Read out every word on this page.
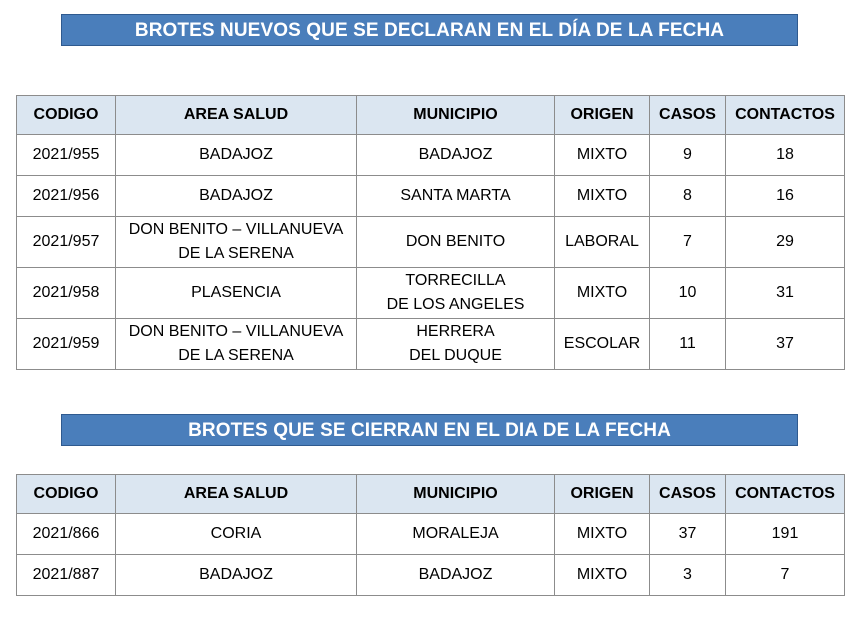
BROTES NUEVOS QUE SE DECLARAN EN EL DÍA DE LA FECHA
CODIGO	AREA SALUD	MUNICIPIO	ORIGEN	CASOS	CONTACTOS
2021/955	BADAJOZ	BADAJOZ	MIXTO	9	18
2021/956	BADAJOZ	SANTA MARTA	MIXTO	8	16
2021/957	DON BENITO – VILLANUEVA
DE LA SERENA	DON BENITO	LABORAL	7	29
2021/958	PLASENCIA	TORRECILLA
DE LOS ANGELES	MIXTO	10	31
2021/959	DON BENITO – VILLANUEVA
DE LA SERENA	HERRERA
DEL DUQUE	ESCOLAR	11	37
BROTES QUE SE CIERRAN EN EL DIA DE LA FECHA
CODIGO	AREA SALUD	MUNICIPIO	ORIGEN	CASOS	CONTACTOS
2021/866	CORIA	MORALEJA	MIXTO	37	191
2021/887	BADAJOZ	BADAJOZ	MIXTO	3	7
